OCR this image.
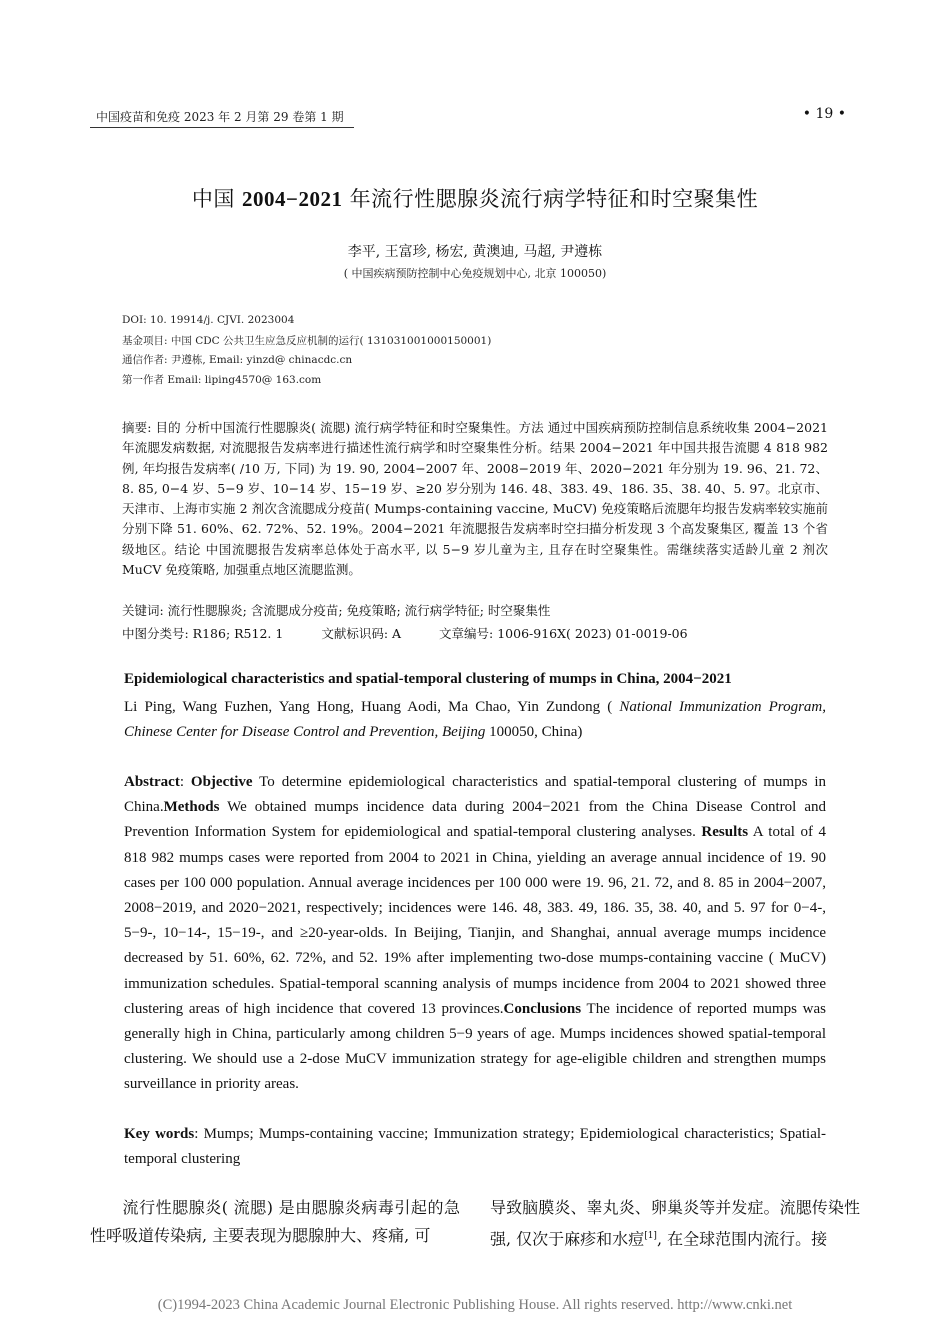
中国疫苗和免疫 2023 年 2 月第 29 卷第 1 期	• 19 •
中国 2004−2021 年流行性腮腺炎流行病学特征和时空聚集性
李平, 王富珍, 杨宏, 黄澳迪, 马超, 尹遵栋
( 中国疾病预防控制中心免疫规划中心, 北京 100050)
DOI: 10. 19914/j. CJVI. 2023004
基金项目: 中国 CDC 公共卫生应急反应机制的运行( 131031001000150001)
通信作者: 尹遵栋, Email: yinzd@ chinacdc.cn
第一作者 Email: liping4570@ 163.com

摘要: 目的 分析中国流行性腮腺炎( 流腮) 流行病学特征和时空聚集性。方法 通过中国疾病预防控制信息系统收集 2004−2021 年流腮发病数据, 对流腮报告发病率进行描述性流行病学和时空聚集性分析。结果 2004−2021 年中国共报告流腮 4 818 982 例, 年均报告发病率( /10 万, 下同) 为 19. 90, 2004−2007 年、2008−2019 年、2020−2021 年分别为 19. 96、21. 72、8. 85, 0−4 岁、5−9 岁、10−14 岁、15−19 岁、≥20 岁分别为 146. 48、383. 49、186. 35、38. 40、5. 97。北京市、天津市、上海市实施 2 剂次含流腮成分疫苗( Mumps-containing vaccine, MuCV) 免疫策略后流腮年均报告发病率较实施前分别下降 51. 60%、62. 72%、52. 19%。2004−2021 年流腮报告发病率时空扫描分析发现 3 个高发聚集区, 覆盖 13 个省级地区。结论 中国流腮报告发病率总体处于高水平, 以 5−9 岁儿童为主, 且存在时空聚集性。需继续落实适龄儿童 2 剂次 MuCV 免疫策略, 加强重点地区流腮监测。

关键词: 流行性腮腺炎; 含流腮成分疫苗; 免疫策略; 流行病学特征; 时空聚集性
中图分类号: R186; R512. 1	文献标识码: A	文章编号: 1006-916X( 2023) 01-0019-06
Epidemiological characteristics and spatial-temporal clustering of mumps in China, 2004−2021
Li Ping, Wang Fuzhen, Yang Hong, Huang Aodi, Ma Chao, Yin Zundong ( National Immunization Program, Chinese Center for Disease Control and Prevention, Beijing 100050, China)
Abstract: Objective To determine epidemiological characteristics and spatial-temporal clustering of mumps in China.Methods We obtained mumps incidence data during 2004−2021 from the China Disease Control and Prevention Information System for epidemiological and spatial-temporal clustering analyses. Results A total of 4 818 982 mumps cases were reported from 2004 to 2021 in China, yielding an average annual incidence of 19. 90 cases per 100 000 population. Annual average incidences per 100 000 were 19. 96, 21. 72, and 8. 85 in 2004−2007, 2008−2019, and 2020−2021, respectively; incidences were 146. 48, 383. 49, 186. 35, 38. 40, and 5. 97 for 0−4-, 5−9-, 10−14-, 15−19-, and ≥20-year-olds. In Beijing, Tianjin, and Shanghai, annual average mumps incidence decreased by 51. 60%, 62. 72%, and 52. 19% after implementing two-dose mumps-containing vaccine ( MuCV) immunization schedules. Spatial-temporal scanning analysis of mumps incidence from 2004 to 2021 showed three clustering areas of high incidence that covered 13 provinces.Conclusions The incidence of reported mumps was generally high in China, particularly among children 5−9 years of age. Mumps incidences showed spatial-temporal clustering. We should use a 2-dose MuCV immunization strategy for age-eligible children and strengthen mumps surveillance in priority areas.
Key words: Mumps; Mumps-containing vaccine; Immunization strategy; Epidemiological characteristics; Spatial-temporal clustering
流行性腮腺炎( 流腮) 是由腮腺炎病毒引起的急性呼吸道传染病, 主要表现为腮腺肿大、疼痛, 可
导致脑膜炎、睾丸炎、卵巢炎等并发症。流腮传染性强, 仅次于麻疹和水痘[1], 在全球范围内流行。接
(C)1994-2023 China Academic Journal Electronic Publishing House. All rights reserved. http://www.cnki.net
